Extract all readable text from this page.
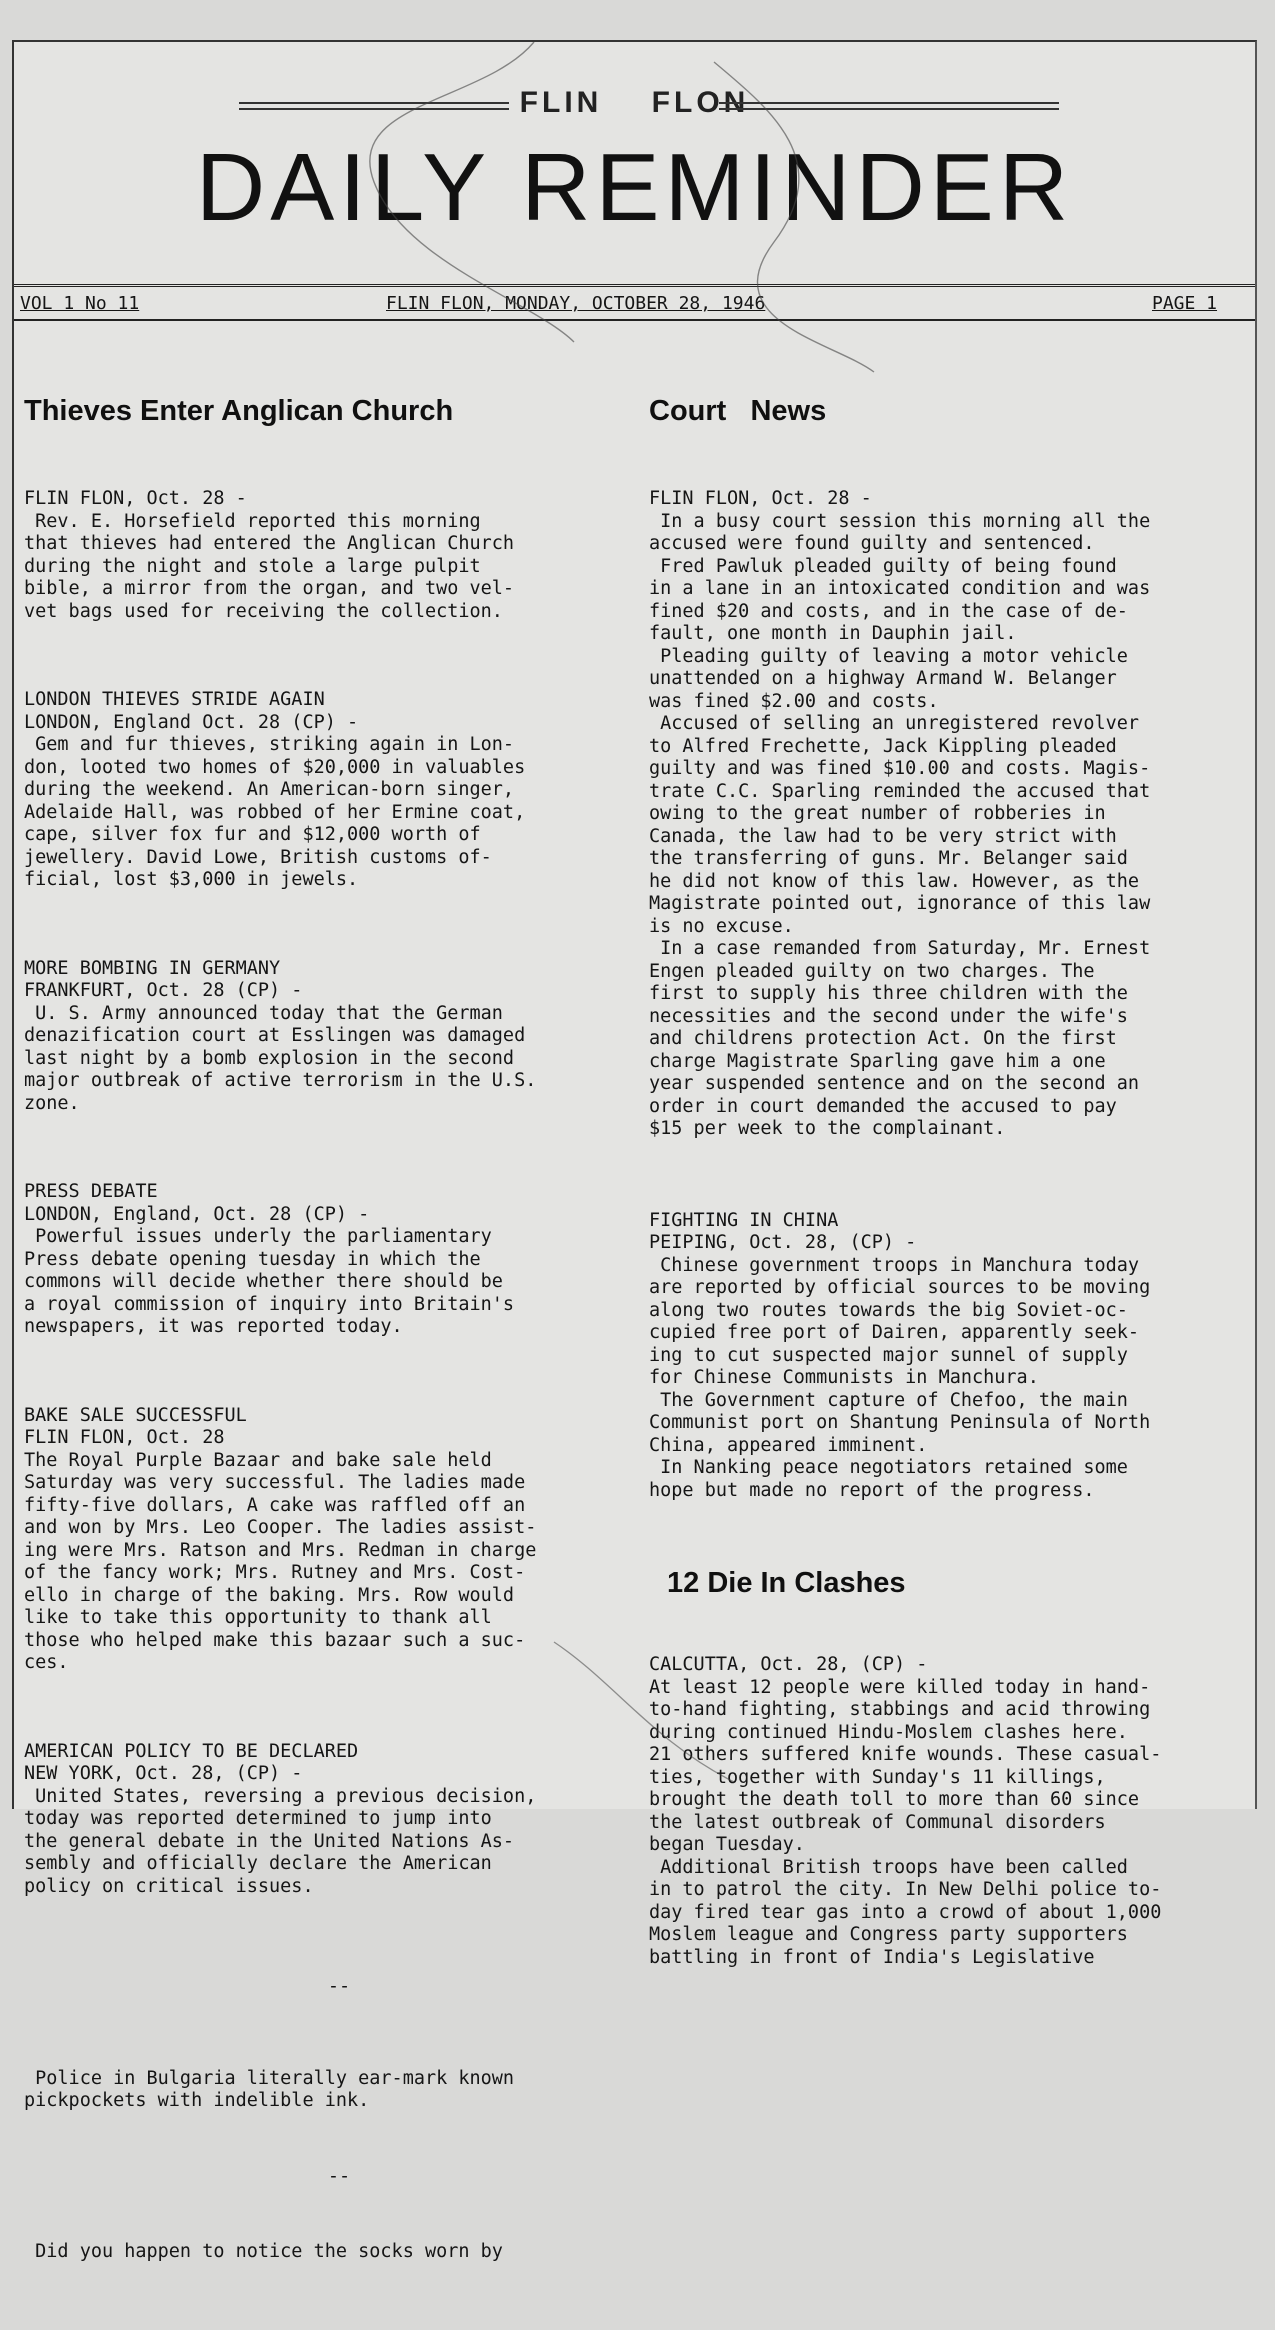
FLIN    FLON
DAILY REMINDER
VOL 1 No 11	FLIN FLON, MONDAY, OCTOBER 28, 1946	PAGE 1

Thieves Enter Anglican Church

FLIN FLON, Oct. 28 -

Rev. E. Horsefield reported this morning

that thieves had entered the Anglican Church

during the night and stole a large pulpit

bible, a mirror from the organ, and two vel-

vet bags used for receiving the collection.

LONDON THIEVES STRIDE AGAIN

LONDON, England Oct. 28 (CP) -

Gem and fur thieves, striking again in Lon-

don, looted two homes of $20,000 in valuables

during the weekend. An American-born singer,

Adelaide Hall, was robbed of her Ermine coat,

cape, silver fox fur and $12,000 worth of

jewellery. David Lowe, British customs of-

ficial, lost $3,000 in jewels.

MORE BOMBING IN GERMANY

FRANKFURT, Oct. 28 (CP) -

U. S. Army announced today that the German

denazification court at Esslingen was damaged

last night by a bomb explosion in the second

major outbreak of active terrorism in the U.S.

zone.

PRESS DEBATE

LONDON, England, Oct. 28 (CP) -

Powerful issues underly the parliamentary

Press debate opening tuesday in which the

commons will decide whether there should be

a royal commission of inquiry into Britain's

newspapers, it was reported today.

BAKE SALE SUCCESSFUL

FLIN FLON, Oct. 28

The Royal Purple Bazaar and bake sale held

Saturday was very successful. The ladies made

fifty-five dollars, A cake was raffled off an

and won by Mrs. Leo Cooper. The ladies assist-

ing were Mrs. Ratson and Mrs. Redman in charge

of the fancy work; Mrs. Rutney and Mrs. Cost-

ello in charge of the baking. Mrs. Row would

like to take this opportunity to thank all

those who helped make this bazaar such a suc-

ces.

AMERICAN POLICY TO BE DECLARED

NEW YORK, Oct. 28, (CP) -

United States, reversing a previous decision,

today was reported determined to jump into

the general debate in the United Nations As-

sembly and officially declare the American

policy on critical issues.

--

Police in Bulgaria literally ear-mark known

pickpockets with indelible ink.

--

Did you happen to notice the socks worn by

Court   News

FLIN FLON, Oct. 28 -

In a busy court session this morning all the

accused were found guilty and sentenced.

Fred Pawluk pleaded guilty of being found

in a lane in an intoxicated condition and was

fined $20 and costs, and in the case of de-

fault, one month in Dauphin jail.

Pleading guilty of leaving a motor vehicle

unattended on a highway Armand W. Belanger

was fined $2.00 and costs.

Accused of selling an unregistered revolver

to Alfred Frechette, Jack Kippling pleaded

guilty and was fined $10.00 and costs. Magis-

trate C.C. Sparling reminded the accused that

owing to the great number of robberies in

Canada, the law had to be very strict with

the transferring of guns. Mr. Belanger said

he did not know of this law. However, as the

Magistrate pointed out, ignorance of this law

is no excuse.

In a case remanded from Saturday, Mr. Ernest

Engen pleaded guilty on two charges. The

first to supply his three children with the

necessities and the second under the wife's

and childrens protection Act. On the first

charge Magistrate Sparling gave him a one

year suspended sentence and on the second an

order in court demanded the accused to pay

$15 per week to the complainant.

FIGHTING IN CHINA

PEIPING, Oct. 28, (CP) -

Chinese government troops in Manchura today

are reported by official sources to be moving

along two routes towards the big Soviet-oc-

cupied free port of Dairen, apparently seek-

ing to cut suspected major sunnel of supply

for Chinese Communists in Manchura.

The Government capture of Chefoo, the main

Communist port on Shantung Peninsula of North

China, appeared imminent.

In Nanking peace negotiators retained some

hope but made no report of the progress.

12 Die In Clashes

CALCUTTA, Oct. 28, (CP) -

At least 12 people were killed today in hand-

to-hand fighting, stabbings and acid throwing

during continued Hindu-Moslem clashes here.

21 others suffered knife wounds. These casual-

ties, together with Sunday's 11 killings,

brought the death toll to more than 60 since

the latest outbreak of Communal disorders

began Tuesday.

Additional British troops have been called

in to patrol the city. In New Delhi police to-

day fired tear gas into a crowd of about 1,000

Moslem league and Congress party supporters

battling in front of India's Legislative
